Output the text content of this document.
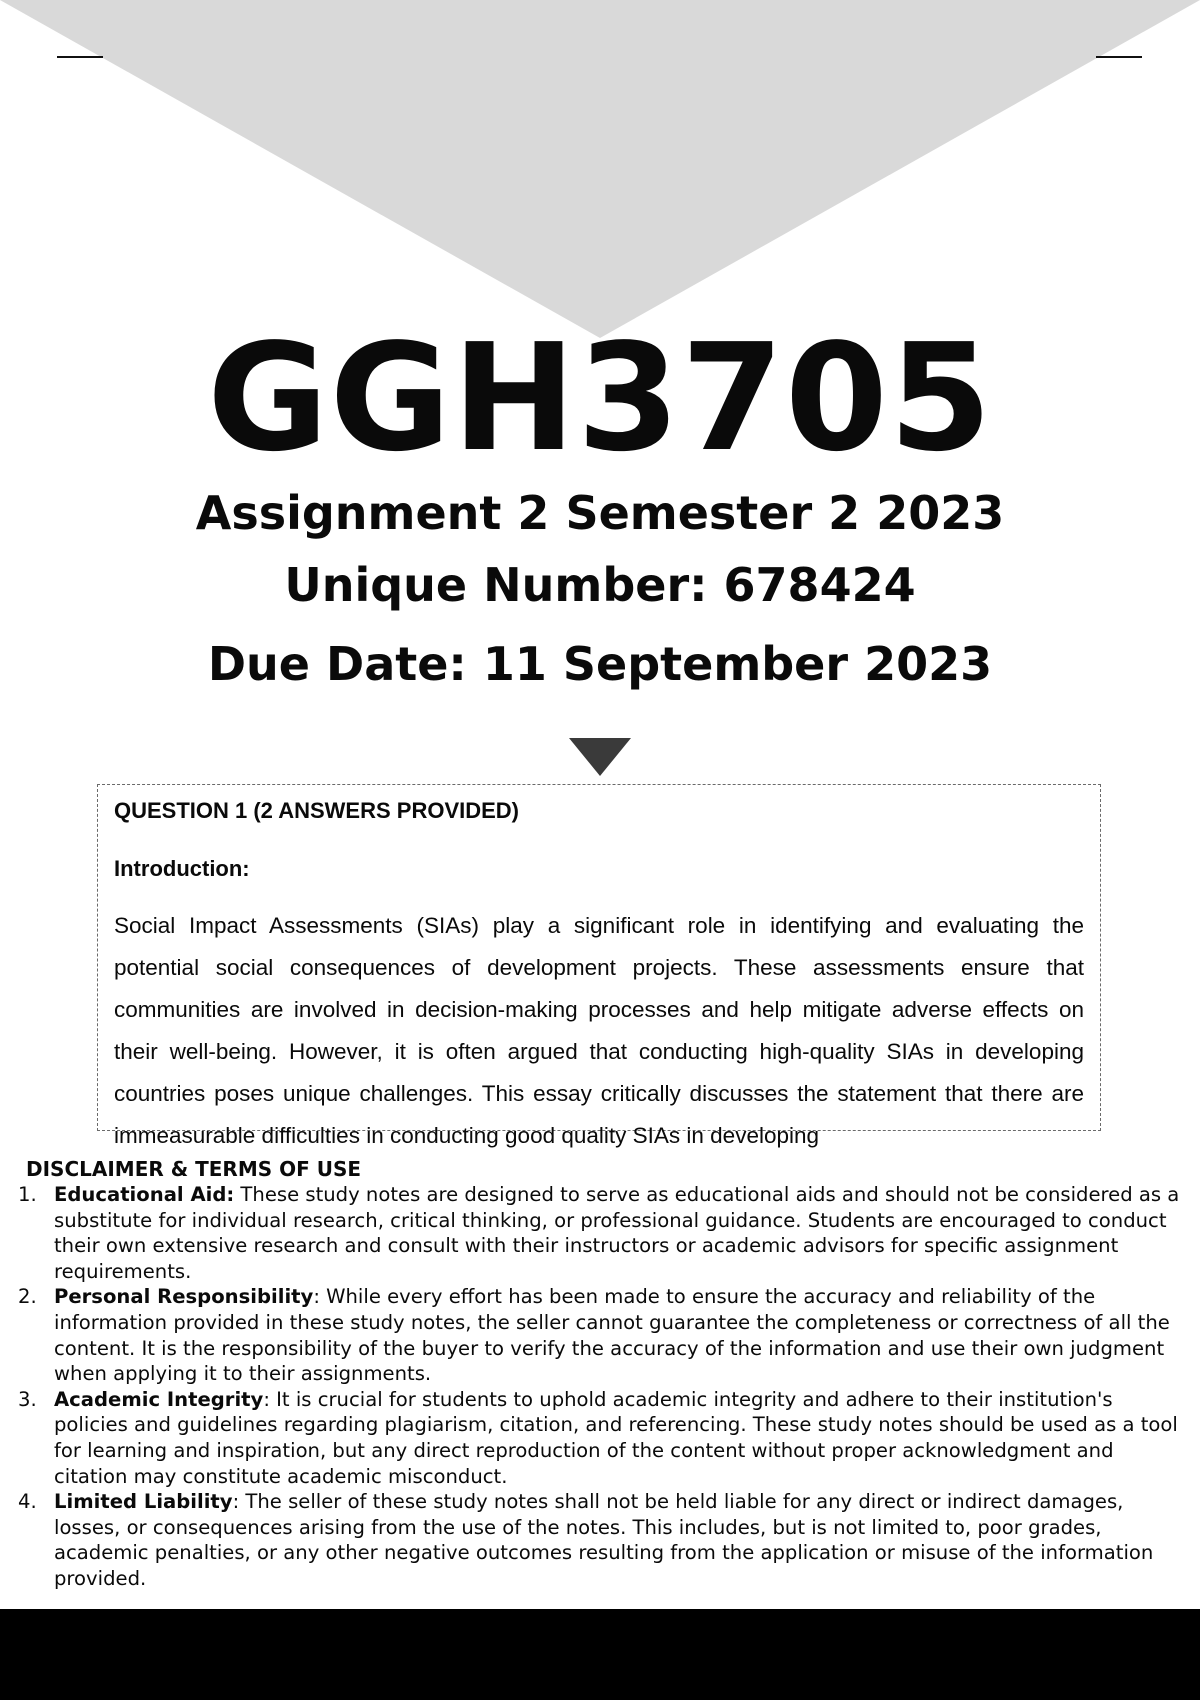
GGH3705
Assignment 2 Semester 2 2023
Unique Number: 678424
Due Date: 11 September 2023

QUESTION 1 (2 ANSWERS PROVIDED)

Introduction:

Social Impact Assessments (SIAs) play a significant role in identifying and evaluating the potential social consequences of development projects. These assessments ensure that communities are involved in decision-making processes and help mitigate adverse effects on their well-being. However, it is often argued that conducting high-quality SIAs in developing countries poses unique challenges. This essay critically discusses the statement that there are immeasurable difficulties in conducting good quality SIAs in developing

DISCLAIMER & TERMS OF USE

1. Educational Aid: These study notes are designed to serve as educational aids and should not be considered as a substitute for individual research, critical thinking, or professional guidance. Students are encouraged to conduct their own extensive research and consult with their instructors or academic advisors for specific assignment requirements.
2. Personal Responsibility: While every effort has been made to ensure the accuracy and reliability of the information provided in these study notes, the seller cannot guarantee the completeness or correctness of all the content. It is the responsibility of the buyer to verify the accuracy of the information and use their own judgment when applying it to their assignments.
3. Academic Integrity: It is crucial for students to uphold academic integrity and adhere to their institution's policies and guidelines regarding plagiarism, citation, and referencing. These study notes should be used as a tool for learning and inspiration, but any direct reproduction of the content without proper acknowledgment and citation may constitute academic misconduct.
4. Limited Liability: The seller of these study notes shall not be held liable for any direct or indirect damages, losses, or consequences arising from the use of the notes. This includes, but is not limited to, poor grades, academic penalties, or any other negative outcomes resulting from the application or misuse of the information provided.
